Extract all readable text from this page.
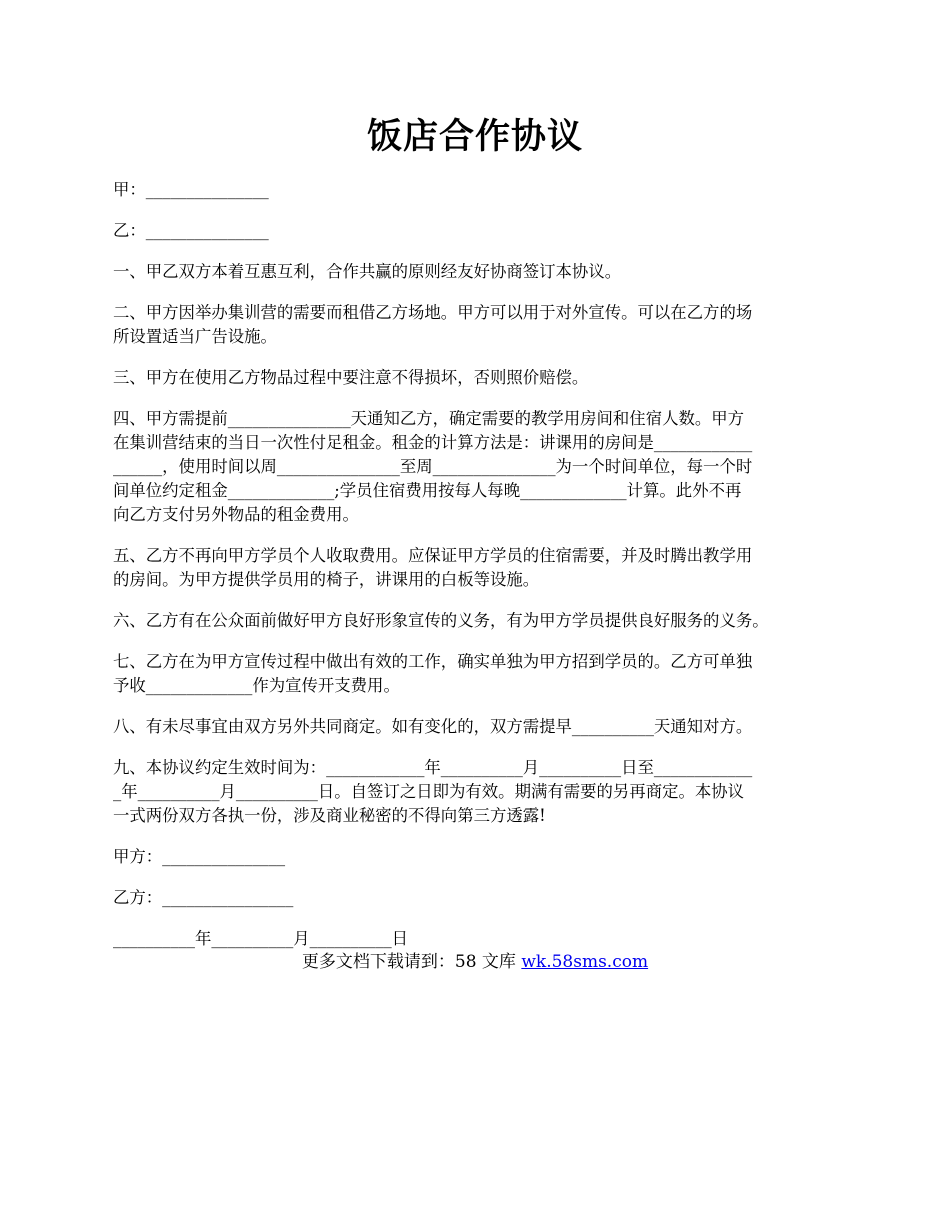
饭店合作协议

甲：_______________

乙：_______________

一、甲乙双方本着互惠互利，合作共赢的原则经友好协商签订本协议。

二、甲方因举办集训营的需要而租借乙方场地。甲方可以用于对外宣传。可以在乙方的场
所设置适当广告设施。

三、甲方在使用乙方物品过程中要注意不得损坏，否则照价赔偿。

四、甲方需提前_______________天通知乙方，确定需要的教学用房间和住宿人数。甲方
在集训营结束的当日一次性付足租金。租金的计算方法是：讲课用的房间是____________
______，使用时间以周_______________至周_______________为一个时间单位，每一个时
间单位约定租金_____________;学员住宿费用按每人每晚_____________计算。此外不再
向乙方支付另外物品的租金费用。

五、乙方不再向甲方学员个人收取费用。应保证甲方学员的住宿需要，并及时腾出教学用
的房间。为甲方提供学员用的椅子，讲课用的白板等设施。

六、乙方有在公众面前做好甲方良好形象宣传的义务，有为甲方学员提供良好服务的义务。

七、乙方在为甲方宣传过程中做出有效的工作，确实单独为甲方招到学员的。乙方可单独
予收_____________作为宣传开支费用。

八、有未尽事宜由双方另外共同商定。如有变化的，双方需提早__________天通知对方。

九、本协议约定生效时间为：____________年__________月__________日至____________
_年__________月__________日。自签订之日即为有效。期满有需要的另再商定。本协议
一式两份双方各执一份，涉及商业秘密的不得向第三方透露!

甲方：_______________

乙方：________________

__________年__________月__________日

更多文档下载请到：58 文库 wk.58sms.com
